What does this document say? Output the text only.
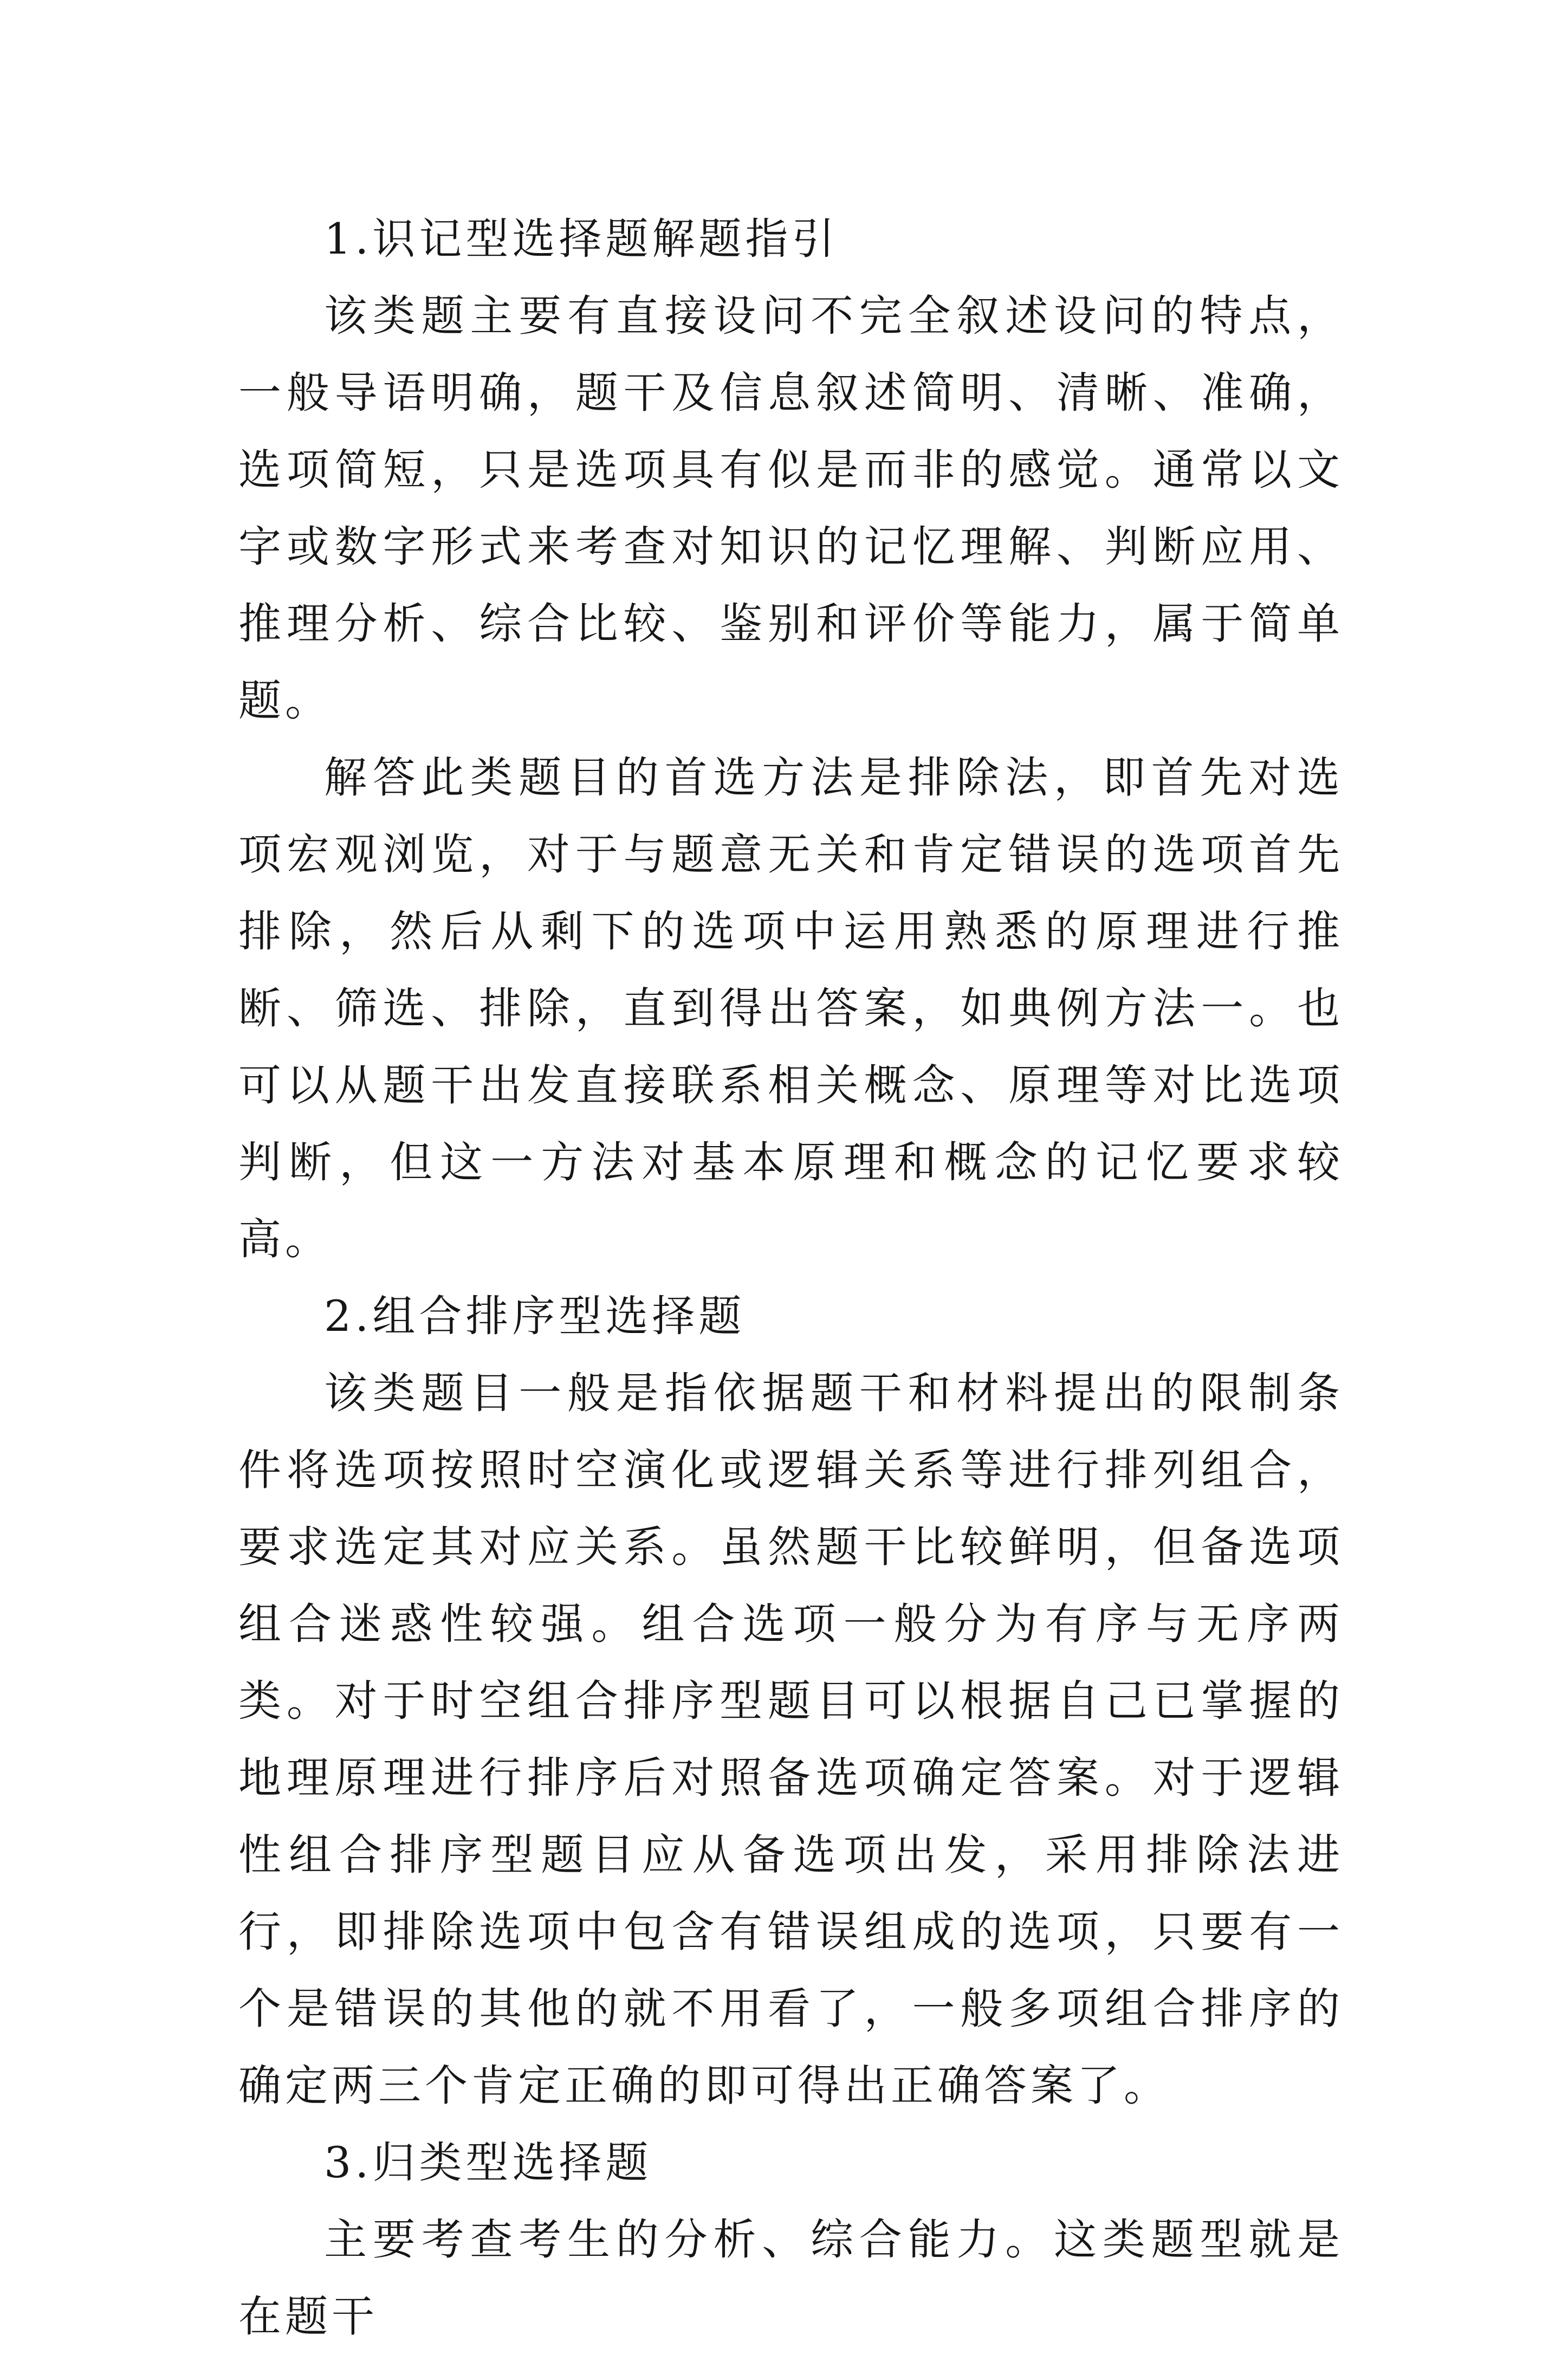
1.识记型选择题解题指引

该类题主要有直接设问不完全叙述设问的特点，一般导语明确，题干及信息叙述简明、清晰、准确，选项简短，只是选项具有似是而非的感觉。通常以文字或数字形式来考查对知识的记忆理解、判断应用、推理分析、综合比较、鉴别和评价等能力，属于简单题。

解答此类题目的首选方法是排除法，即首先对选项宏观浏览，对于与题意无关和肯定错误的选项首先排除，然后从剩下的选项中运用熟悉的原理进行推断、筛选、排除，直到得出答案，如典例方法一。也可以从题干出发直接联系相关概念、原理等对比选项判断，但这一方法对基本原理和概念的记忆要求较高。

2.组合排序型选择题

该类题目一般是指依据题干和材料提出的限制条件将选项按照时空演化或逻辑关系等进行排列组合，要求选定其对应关系。虽然题干比较鲜明，但备选项组合迷惑性较强。组合选项一般分为有序与无序两类。对于时空组合排序型题目可以根据自己已掌握的地理原理进行排序后对照备选项确定答案。对于逻辑性组合排序型题目应从备选项出发，采用排除法进行，即排除选项中包含有错误组成的选项，只要有一个是错误的其他的就不用看了，一般多项组合排序的确定两三个肯定正确的即可得出正确答案了。

3.归类型选择题

主要考查考生的分析、综合能力。这类题型就是在题干
